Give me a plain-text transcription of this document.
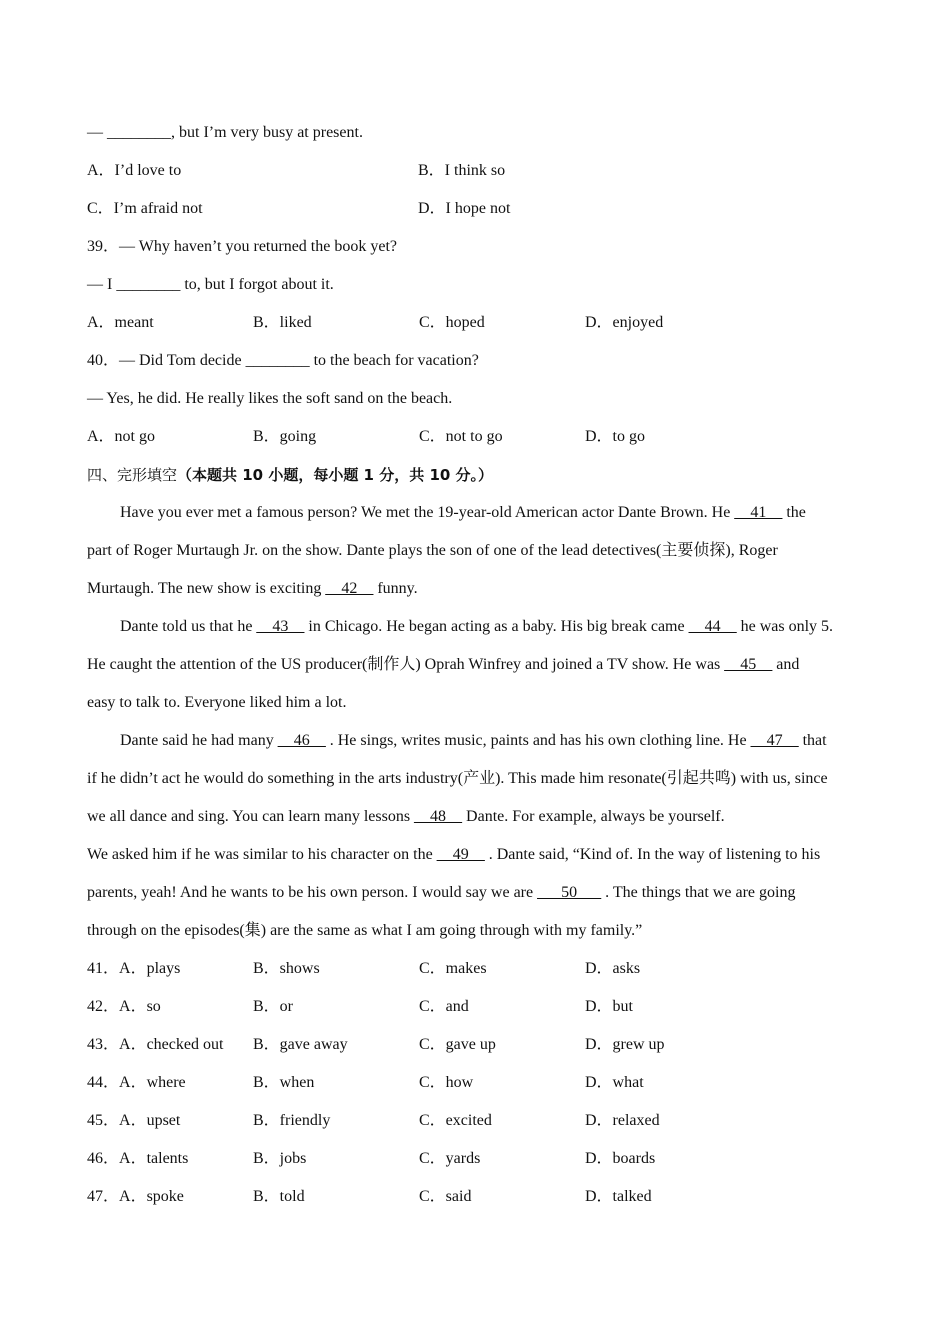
— ________, but I’m very busy at present.
A．I’d love to	B．I think so
C．I’m afraid not	D．I hope not
39．— Why haven’t you returned the book yet?
— I ________ to, but I forgot about it.
A．meant	B．liked	C．hoped	D．enjoyed
40．— Did Tom decide ________ to the beach for vacation?
— Yes, he did. He really likes the soft sand on the beach.
A．not go	B．going	C．not to go	D．to go
四、完形填空（本题共 10 小题，每小题 1 分，共 10 分。）
Have you ever met a famous person? We met the 19-year-old American actor Dante Brown. He __41__ the
part of Roger Murtaugh Jr. on the show. Dante plays the son of one of the lead detectives(主要侦探), Roger
Murtaugh. The new show is exciting __42__ funny.
Dante told us that he __43__ in Chicago. He began acting as a baby. His big break came __44__ he was only 5.
He caught the attention of the US producer(制作人) Oprah Winfrey and joined a TV show. He was __45__ and
easy to talk to. Everyone liked him a lot.
Dante said he had many __46__ . He sings, writes music, paints and has his own clothing line. He __47__ that
if he didn’t act he would do something in the arts industry(产业). This made him resonate(引起共鸣) with us, since
we all dance and sing. You can learn many lessons __48__ Dante. For example, always be yourself.
We asked him if he was similar to his character on the __49__ . Dante said, “Kind of. In the way of listening to his
parents, yeah! And he wants to be his own person. I would say we are ___50___ . The things that we are going
through on the episodes(集) are the same as what I am going through with my family.”
41．A．plays	B．shows	C．makes	D．asks
42．A．so	B．or	C．and	D．but
43．A．checked out	B．gave away	C．gave up	D．grew up
44．A．where	B．when	C．how	D．what
45．A．upset	B．friendly	C．excited	D．relaxed
46．A．talents	B．jobs	C．yards	D．boards
47．A．spoke	B．told	C．said	D．talked
